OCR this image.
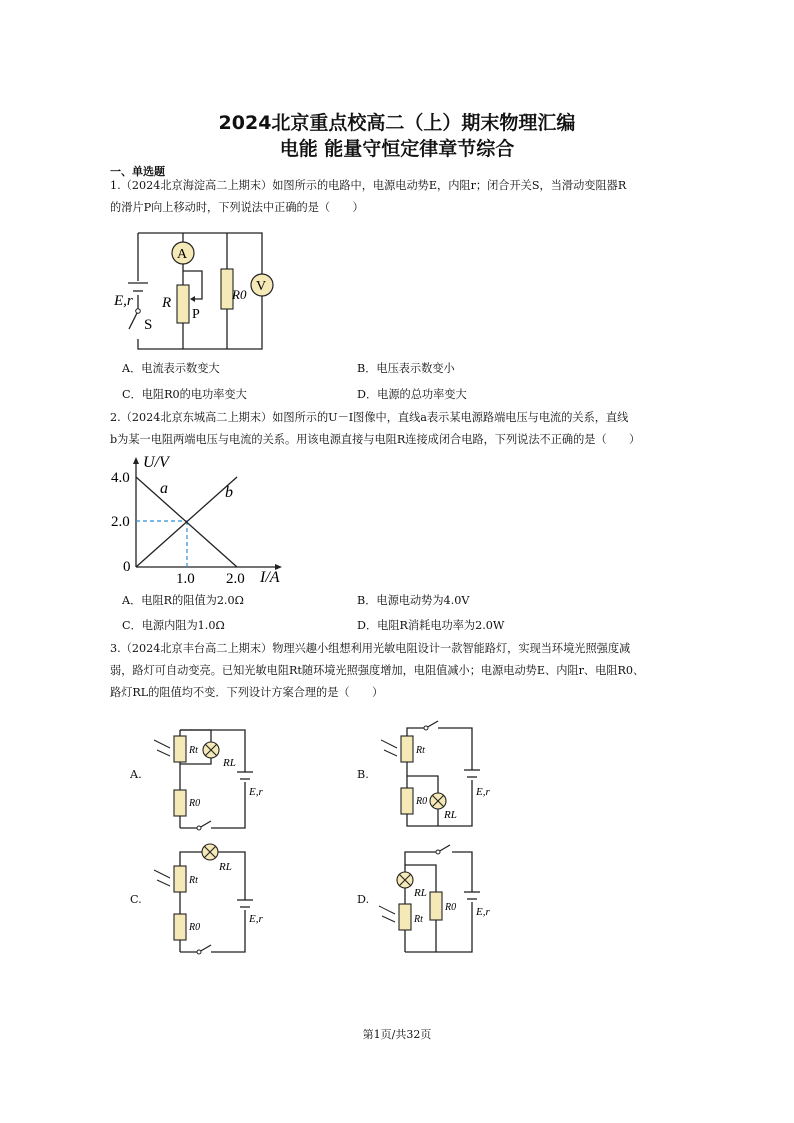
2024北京重点校高二（上）期末物理汇编
电能 能量守恒定律章节综合
一、单选题
1.（2024北京海淀高二上期末）如图所示的电路中，电源电动势E，内阻r；闭合开关S，当滑动变阻器R
的滑片P向上移动时，下列说法中正确的是（　　）
E,r
S
A
R
P
R0
V
A．电流表示数变大	B．电压表示数变小
C．电阻R0的电功率变大	D．电源的总功率变大
2.（2024北京东城高二上期末）如图所示的U－I图像中，直线a表示某电源路端电压与电流的关系，直线
b为某一电阻两端电压与电流的关系。用该电源直接与电阻R连接成闭合电路，下列说法不正确的是（　　）
U/V
4.0
2.0
0
1.0 2.0 I/A
a	b
A．电阻R的阻值为2.0Ω	B．电源电动势为4.0V
C．电源内阻为1.0Ω	D．电阻R消耗电功率为2.0W
3.（2024北京丰台高二上期末）物理兴趣小组想利用光敏电阻设计一款智能路灯，实现当环境光照强度减
弱，路灯可自动变亮。已知光敏电阻Rt随环境光照强度增加，电阻值减小；电源电动势E、内阻r、电阻R0、
路灯RL的阻值均不变．下列设计方案合理的是（　　）
A.
Rt
RL
R0
E,r
B.
Rt
R0
RL
E,r
C.
Rt
RL
R0
E,r
D.	RL
Rt
R0 E,r
第1页/共32页
